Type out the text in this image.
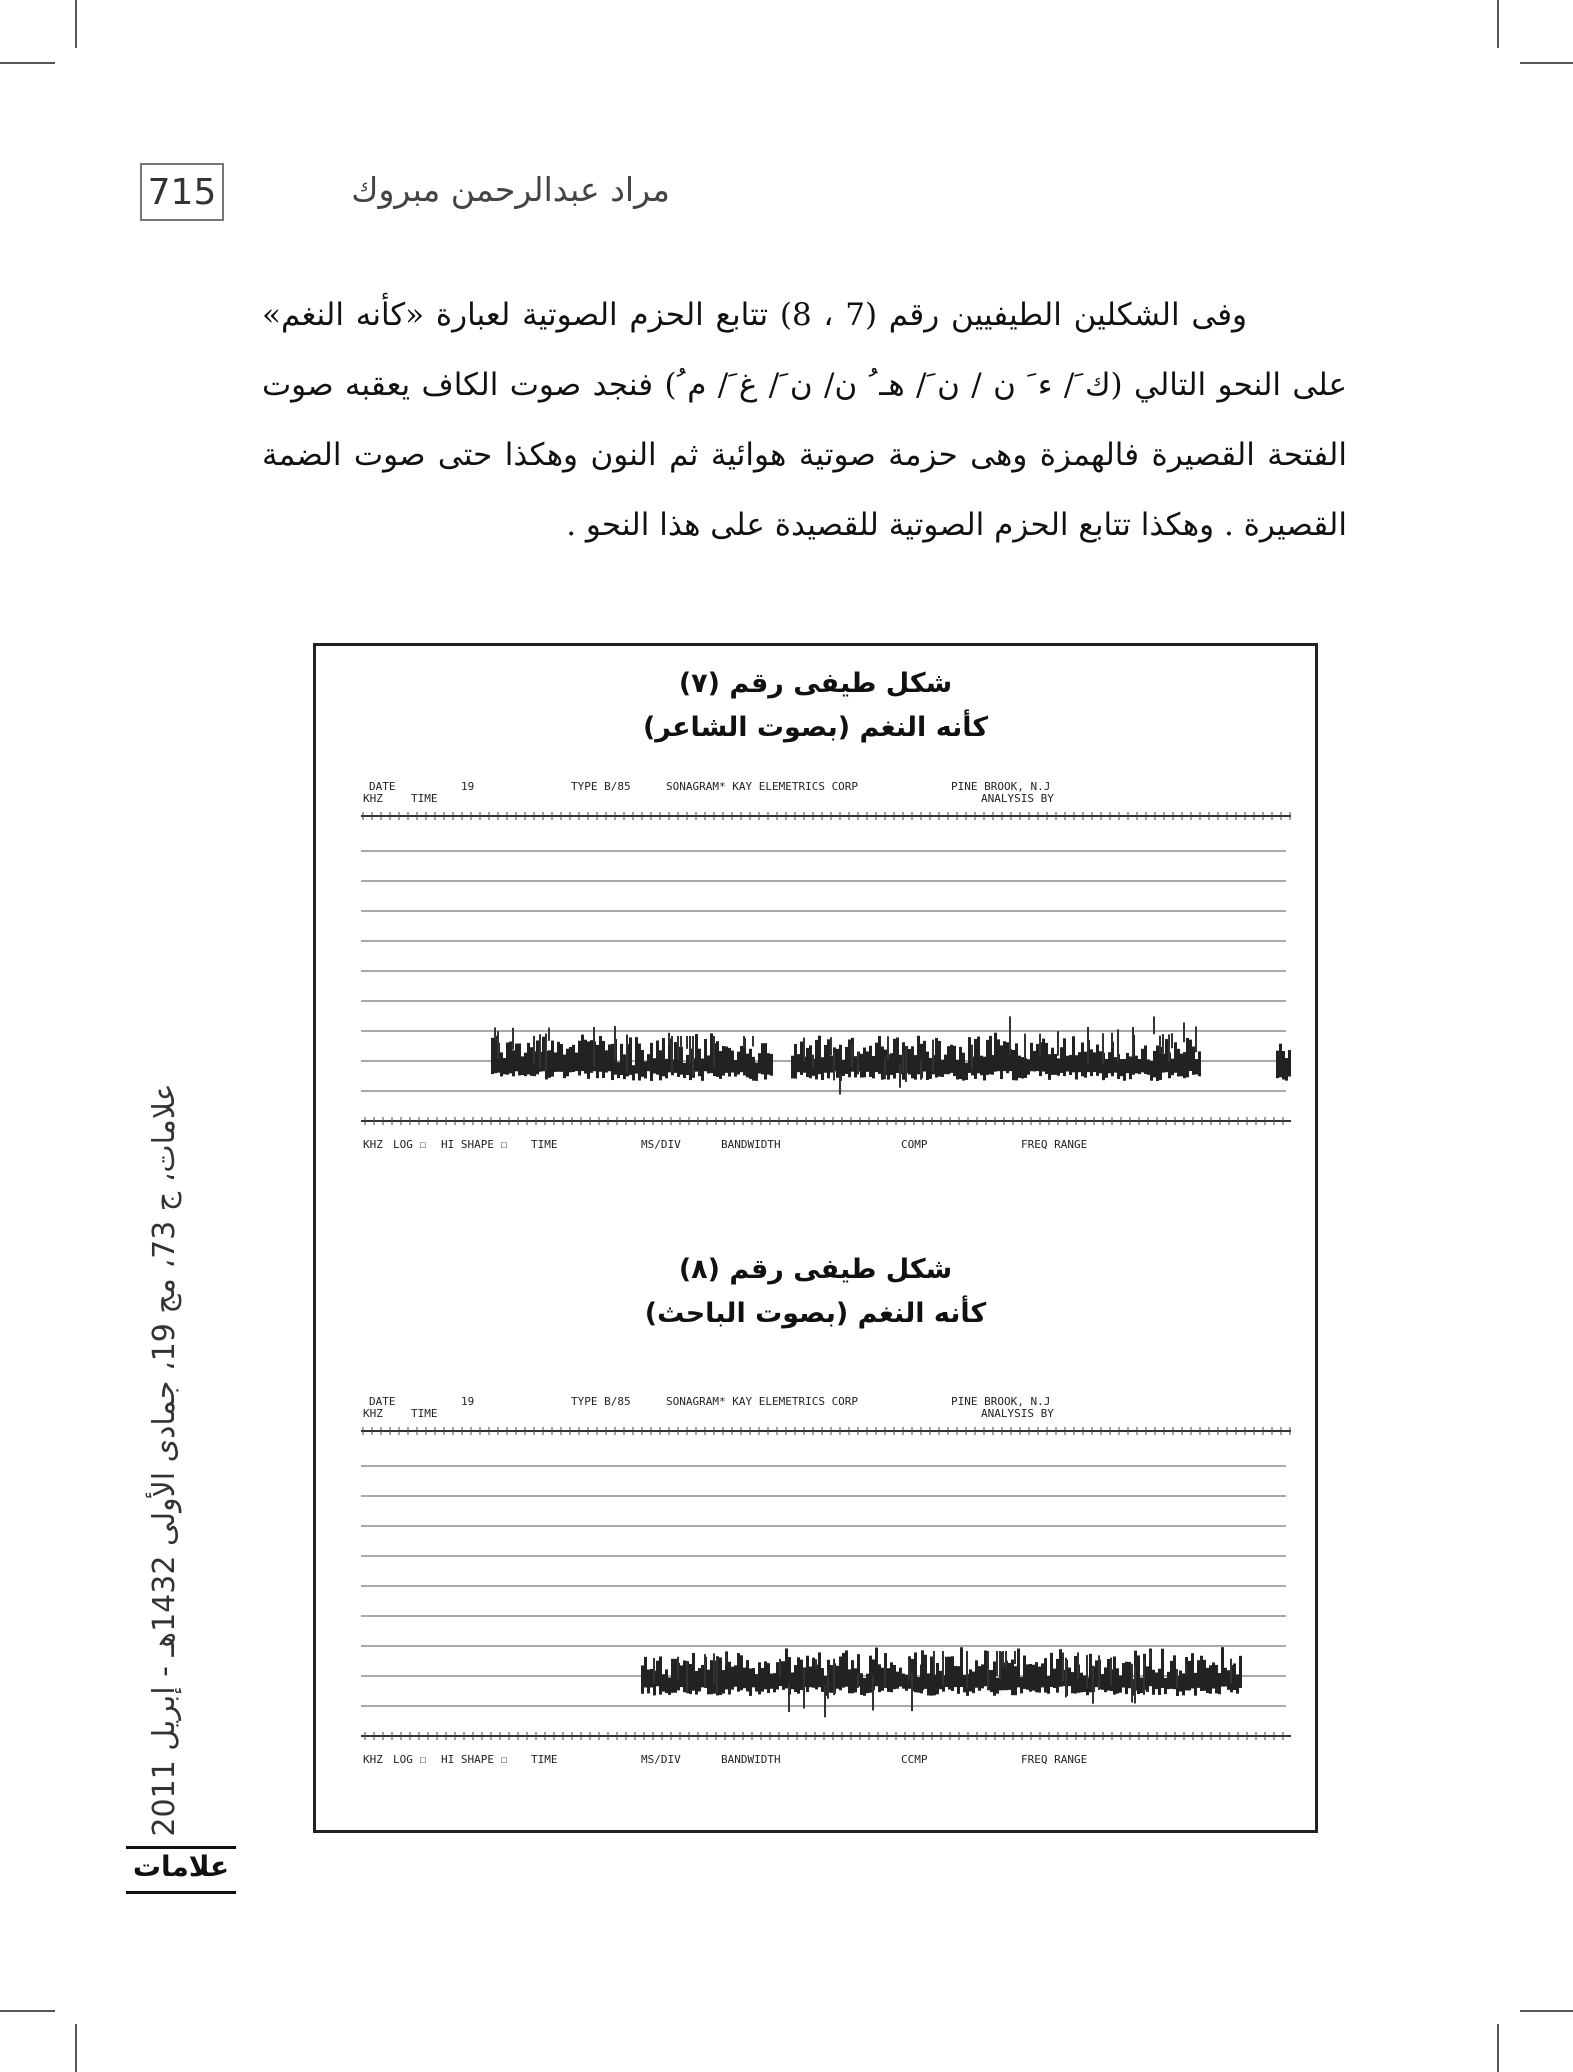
715	مراد عبدالرحمن مبروك

وفى الشكلين الطيفيين رقم (7 ، 8) تتابع الحزم الصوتية لعبارة «كأنه النغم» على النحو التالي (ك َ/ ء َ ن / ن َ/ هـ ُ ن/ ن َ/ غ َ/ م ُ) فنجد صوت الكاف يعقبه صوت الفتحة القصيرة فالهمزة وهى حزمة صوتية هوائية ثم النون وهكذا حتى صوت الضمة القصيرة . وهكذا تتابع الحزم الصوتية للقصيدة على هذا النحو .

شكل طيفى رقم (٧)
كأنه النغم (بصوت الشاعر)
DATE	19
KHZ	TIME
TYPE B/85	SONAGRAM* KAY ELEMETRICS CORP	PINE BROOK, N.J
ANALYSIS BY
KHZ LOG ☐ HI SHAPE ☐ TIME	MS/DIV	BANDWIDTH	COMP	FREQ RANGE
شكل طيفى رقم (٨)
كأنه النغم (بصوت الباحث)
DATE	19
KHZ	TIME
TYPE B/85	SONAGRAM* KAY ELEMETRICS CORP	PINE BROOK, N.J
ANALYSIS BY
KHZ LOG ☐ HI SHAPE ☐ TIME	MS/DIV	BANDWIDTH	CCMP	FREQ RANGE
علامات، ج 73، مج 19، جمادى الأولى 1432هـ - إبريل 2011
علامات
